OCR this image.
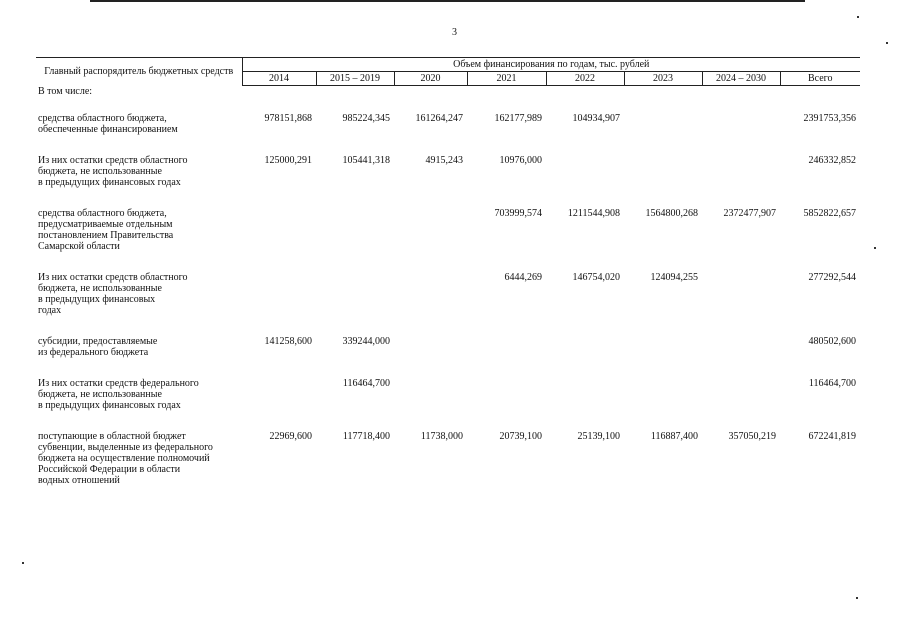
3
Главный распорядитель бюджетных средств	Объем финансирования по годам, тыс. рублей							
	2014	2015 – 2019	2020	2021	2022	2023	2024 – 2030	Всего
В том числе:								
средства областного бюджета,
обеспеченные финансированием	978151,868	985224,345	161264,247	162177,989	104934,907			2391753,356
Из них остатки средств областного
бюджета, не использованные
в предыдущих финансовых годах	125000,291	105441,318	4915,243	10976,000				246332,852
средства областного бюджета,
предусматриваемые отдельным
постановлением Правительства
Самарской области				703999,574	1211544,908	1564800,268	2372477,907	5852822,657
Из них остатки средств областного
бюджета, не использованные
в предыдущих финансовых
годах				6444,269	146754,020	124094,255		277292,544
субсидии, предоставляемые
из федерального бюджета	141258,600	339244,000						480502,600
Из них остатки средств федерального
бюджета, не использованные
в предыдущих финансовых годах		116464,700						116464,700
поступающие в областной бюджет
субвенции, выделенные из федерального
бюджета на осуществление полномочий
Российской Федерации в области
водных отношений	22969,600	117718,400	11738,000	20739,100	25139,100	116887,400	357050,219	672241,819
